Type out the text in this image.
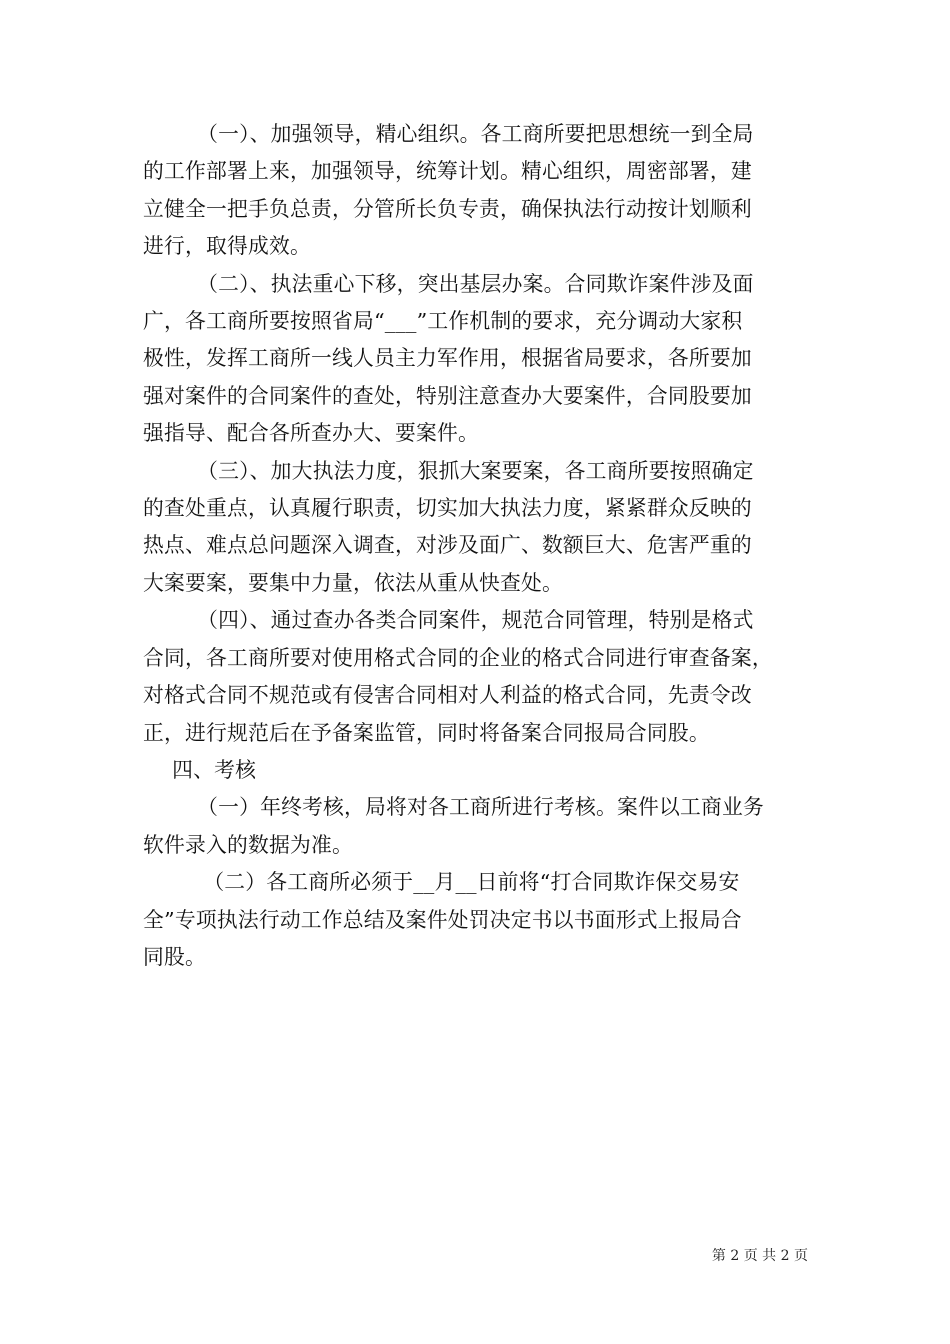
（一）、加强领导，精心组织。各工商所要把思想统一到全局
的工作部署上来，加强领导，统筹计划。精心组织，周密部署，建
立健全一把手负总责，分管所长负专责，确保执法行动按计划顺利
进行，取得成效。

（二）、执法重心下移，突出基层办案。合同欺诈案件涉及面
广，各工商所要按照省局“___”工作机制的要求，充分调动大家积
极性，发挥工商所一线人员主力军作用，根据省局要求，各所要加
强对案件的合同案件的查处，特别注意查办大要案件，合同股要加
强指导、配合各所查办大、要案件。

（三）、加大执法力度，狠抓大案要案，各工商所要按照确定
的查处重点，认真履行职责，切实加大执法力度，紧紧群众反映的
热点、难点总问题深入调查，对涉及面广、数额巨大、危害严重的
大案要案，要集中力量，依法从重从快查处。

（四）、通过查办各类合同案件，规范合同管理，特别是格式
合同，各工商所要对使用格式合同的企业的格式合同进行审查备案，
对格式合同不规范或有侵害合同相对人利益的格式合同，先责令改
正，进行规范后在予备案监管，同时将备案合同报局合同股。

四、考核

（一）年终考核，局将对各工商所进行考核。案件以工商业务
软件录入的数据为准。

（二）各工商所必须于__月__日前将“打合同欺诈保交易安
全”专项执法行动工作总结及案件处罚决定书以书面形式上报局合
同股。

第 2 页 共 2 页
